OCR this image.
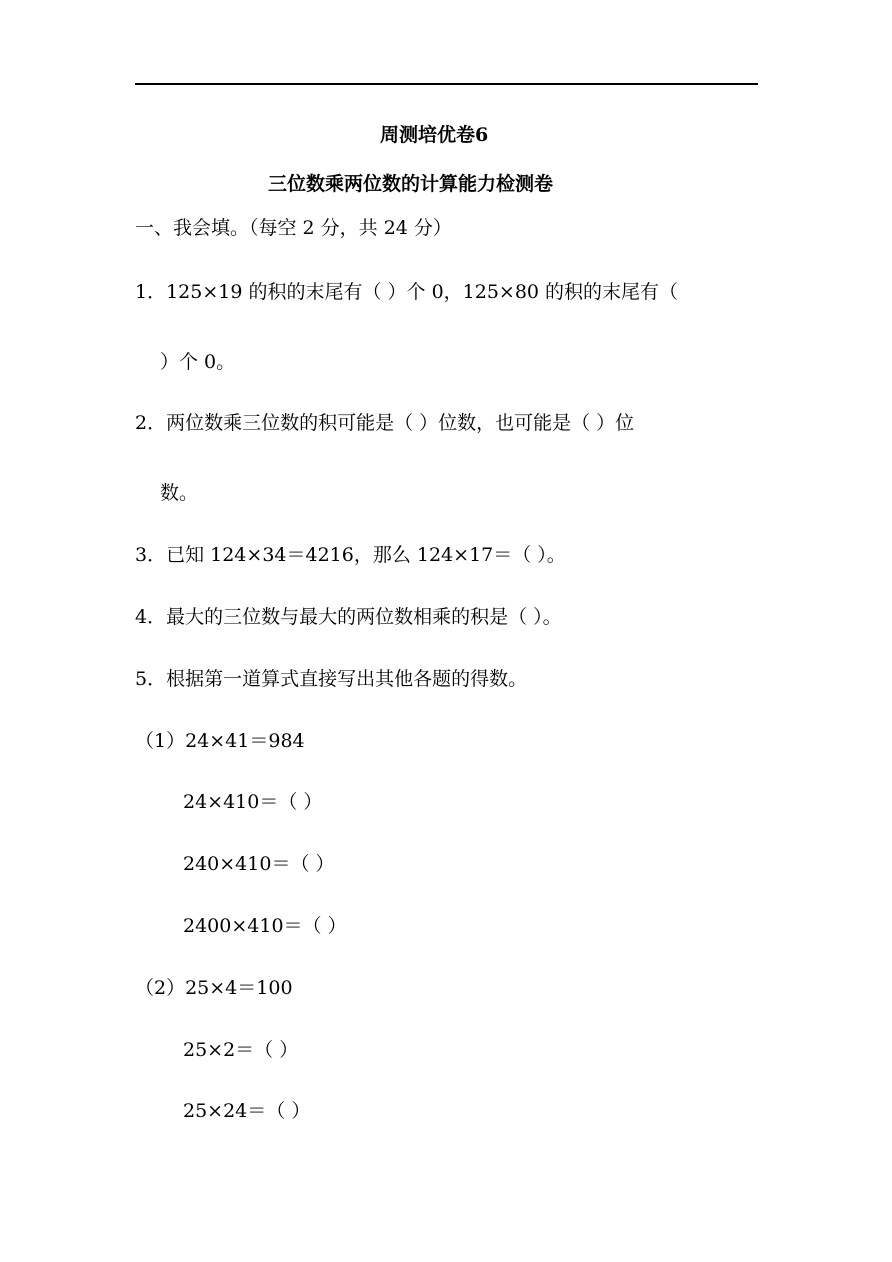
周测培优卷6
三位数乘两位数的计算能力检测卷
一、我会填。（每空 2 分，共 24 分）
1．125×19 的积的末尾有（ ）个 0，125×80 的积的末尾有（
）个 0。
2．两位数乘三位数的积可能是（ ）位数，也可能是（ ）位
数。
3．已知 124×34＝4216，那么 124×17＝（ ）。
4．最大的三位数与最大的两位数相乘的积是（ ）。
5．根据第一道算式直接写出其他各题的得数。
（1）24×41＝984
24×410＝（ ）
240×410＝（ ）
2400×410＝（ ）
（2）25×4＝100
25×2＝（ ）
25×24＝（ ）
